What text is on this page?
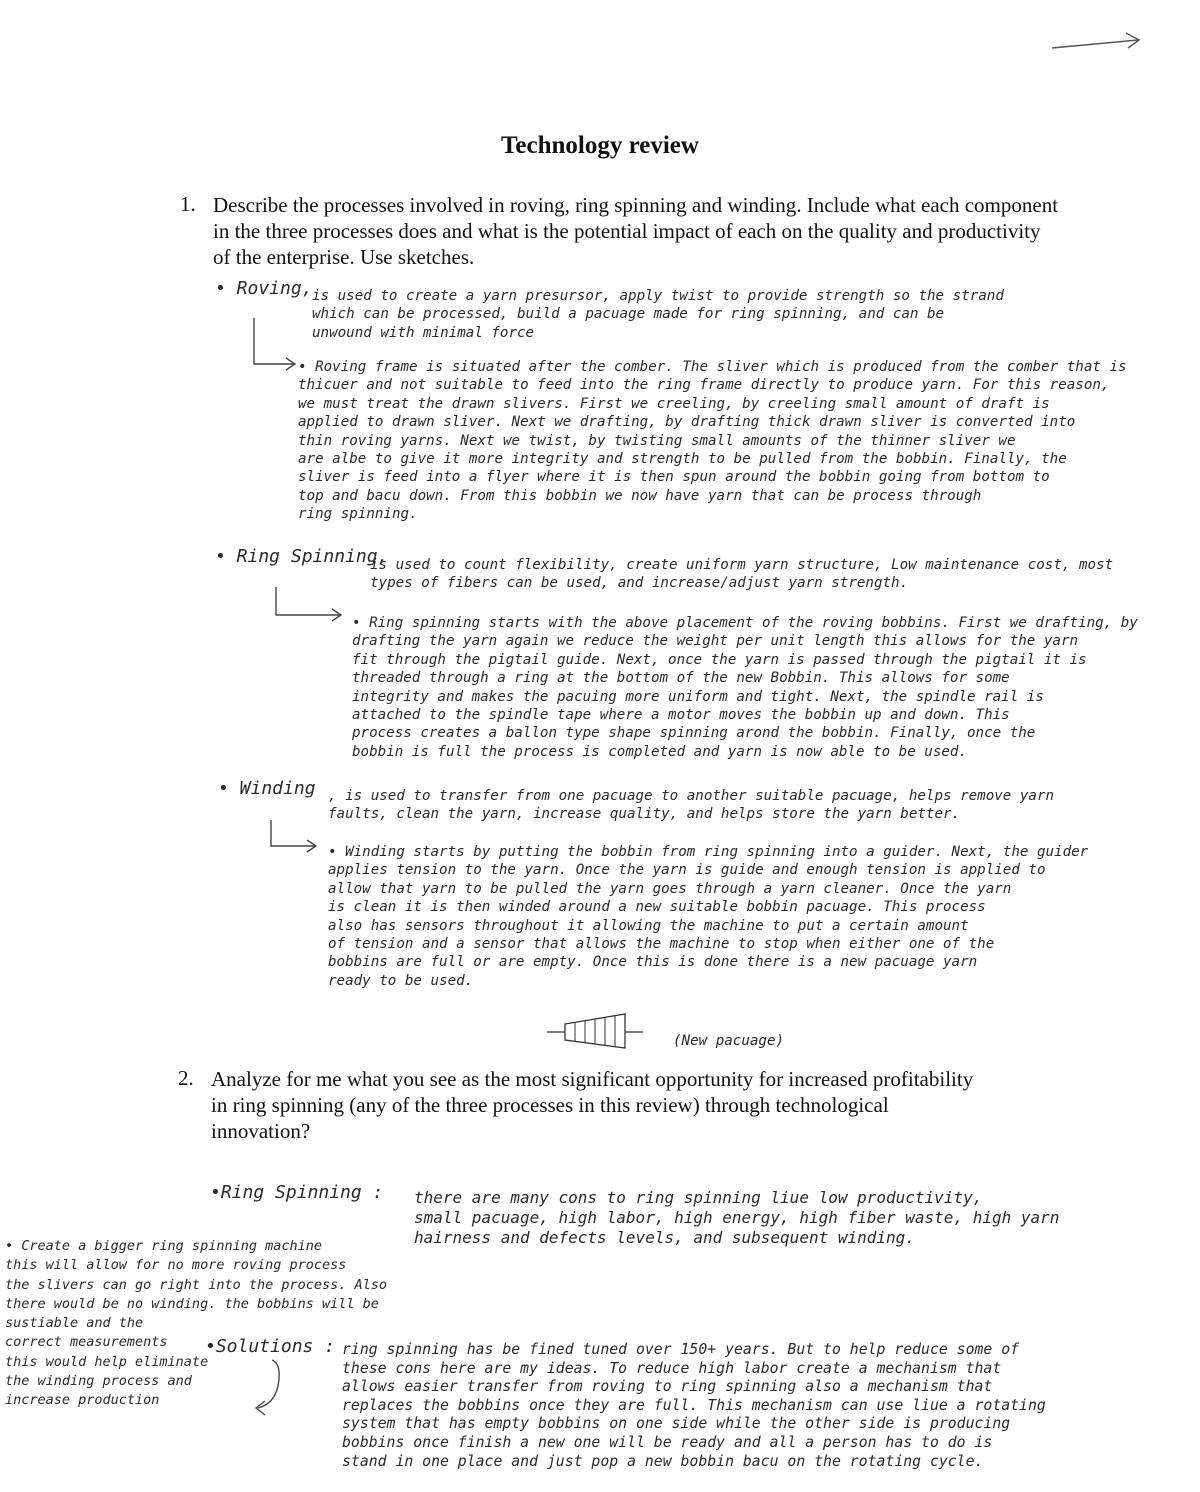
Technology review
1. Describe the processes involved in roving, ring spinning and winding. Include what each component in the three processes does and what is the potential impact of each on the quality and productivity of the enterprise. Use sketches.
• Roving, is used to create a yarn presursor, apply twist to provide strength so the strand
which can be processed, build a pacuage made for ring spinning, and can be
unwound with minimal force
• Roving frame is situated after the comber. The sliver which is produced from the comber that is
thicuer and not suitable to feed into the ring frame directly to produce yarn. For this reason,
we must treat the drawn slivers. First we creeling, by creeling small amount of draft is
applied to drawn sliver. Next we drafting, by drafting thick drawn sliver is converted into
thin roving yarns. Next we twist, by twisting small amounts of the thinner sliver we
are albe to give it more integrity and strength to be pulled from the bobbin. Finally, the
sliver is feed into a flyer where it is then spun around the bobbin going from bottom to
top and bacu down. From this bobbin we now have yarn that can be process through
ring spinning.
• Ring Spinning,
is used to count flexibility, create uniform yarn structure, Low maintenance cost, most
types of fibers can be used, and increase/adjust yarn strength.
• Ring spinning starts with the above placement of the roving bobbins. First we drafting, by
drafting the yarn again we reduce the weight per unit length this allows for the yarn
fit through the pigtail guide. Next, once the yarn is passed through the pigtail it is
threaded through a ring at the bottom of the new Bobbin. This allows for some
integrity and makes the pacuing more uniform and tight. Next, the spindle rail is
attached to the spindle tape where a motor moves the bobbin up and down. This
process creates a ballon type shape spinning arond the bobbin. Finally, once the
bobbin is full the process is completed and yarn is now able to be used.
• Winding , is used to transfer from one pacuage to another suitable pacuage, helps remove yarn
faults, clean the yarn, increase quality, and helps store the yarn better.
• Winding starts by putting the bobbin from ring spinning into a guider. Next, the guider
applies tension to the yarn. Once the yarn is guide and enough tension is applied to
allow that yarn to be pulled the yarn goes through a yarn cleaner. Once the yarn
is clean it is then winded around a new suitable bobbin pacuage. This process
also has sensors throughout it allowing the machine to put a certain amount
of tension and a sensor that allows the machine to stop when either one of the
bobbins are full or are empty. Once this is done there is a new pacuage yarn
ready to be used.
(New pacuage)
2. Analyze for me what you see as the most significant opportunity for increased profitability in ring spinning (any of the three processes in this review) through technological innovation?
•Ring Spinning : there are many cons to ring spinning liue low productivity,
small pacuage, high labor, high energy, high fiber waste, high yarn
hairness and defects levels, and subsequent winding.
• Create a bigger ring spinning machine
this will allow for no more roving process
the slivers can go right into the process. Also
there would be no winding. the bobbins will be
sustiable and the
correct measurements
this would help eliminate
the winding process and
increase production
•Solutions : ring spinning has be fined tuned over 150+ years. But to help reduce some of
these cons here are my ideas. To reduce high labor create a mechanism that
allows easier transfer from roving to ring spinning also a mechanism that
replaces the bobbins once they are full. This mechanism can use liue a rotating
system that has empty bobbins on one side while the other side is producing
bobbins once finish a new one will be ready and all a person has to do is
stand in one place and just pop a new bobbin bacu on the rotating cycle.
